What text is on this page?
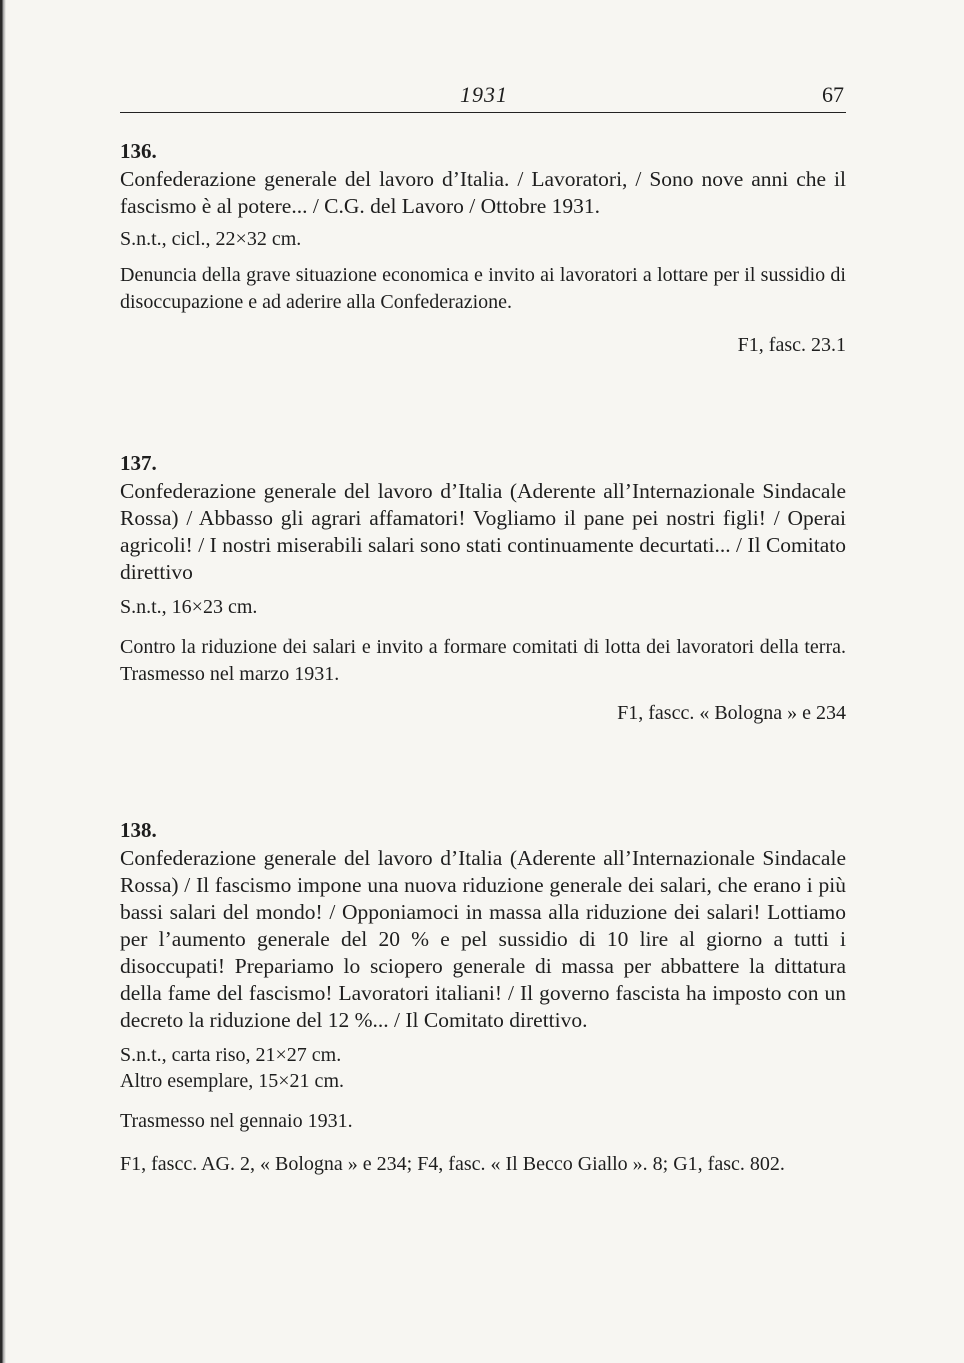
1931	67

136.

Confederazione generale del lavoro d’Italia. / Lavoratori, / Sono nove anni che il fascismo è al potere... / C.G. del Lavoro / Ottobre 1931.

S.n.t., cicl., 22×32 cm.

Denuncia della grave situazione economica e invito ai lavoratori a lottare per il sussidio di disoccupazione e ad aderire alla Confederazione.

F1, fasc. 23.1

137.

Confederazione generale del lavoro d’Italia (Aderente all’Internazionale Sindacale Rossa) / Abbasso gli agrari affamatori! Vogliamo il pane pei nostri figli! / Operai agricoli! / I nostri miserabili salari sono stati continuamente decurtati... / Il Comitato direttivo

S.n.t., 16×23 cm.

Contro la riduzione dei salari e invito a formare comitati di lotta dei lavoratori della terra. Trasmesso nel marzo 1931.

F1, fascc. « Bologna » e 234

138.

Confederazione generale del lavoro d’Italia (Aderente all’Internazionale Sindacale Rossa) / Il fascismo impone una nuova riduzione generale dei salari, che erano i più bassi salari del mondo! / Opponiamoci in massa alla riduzione dei salari! Lottiamo per l’aumento generale del 20 % e pel sussidio di 10 lire al giorno a tutti i disoccupati! Prepariamo lo sciopero generale di massa per abbattere la dittatura della fame del fascismo! Lavoratori italiani! / Il governo fascista ha imposto con un decreto la riduzione del 12 %... / Il Comitato direttivo.

S.n.t., carta riso, 21×27 cm.

Altro esemplare, 15×21 cm.

Trasmesso nel gennaio 1931.

F1, fascc. AG. 2, « Bologna » e 234; F4, fasc. « Il Becco Giallo ». 8; G1, fasc. 802.
